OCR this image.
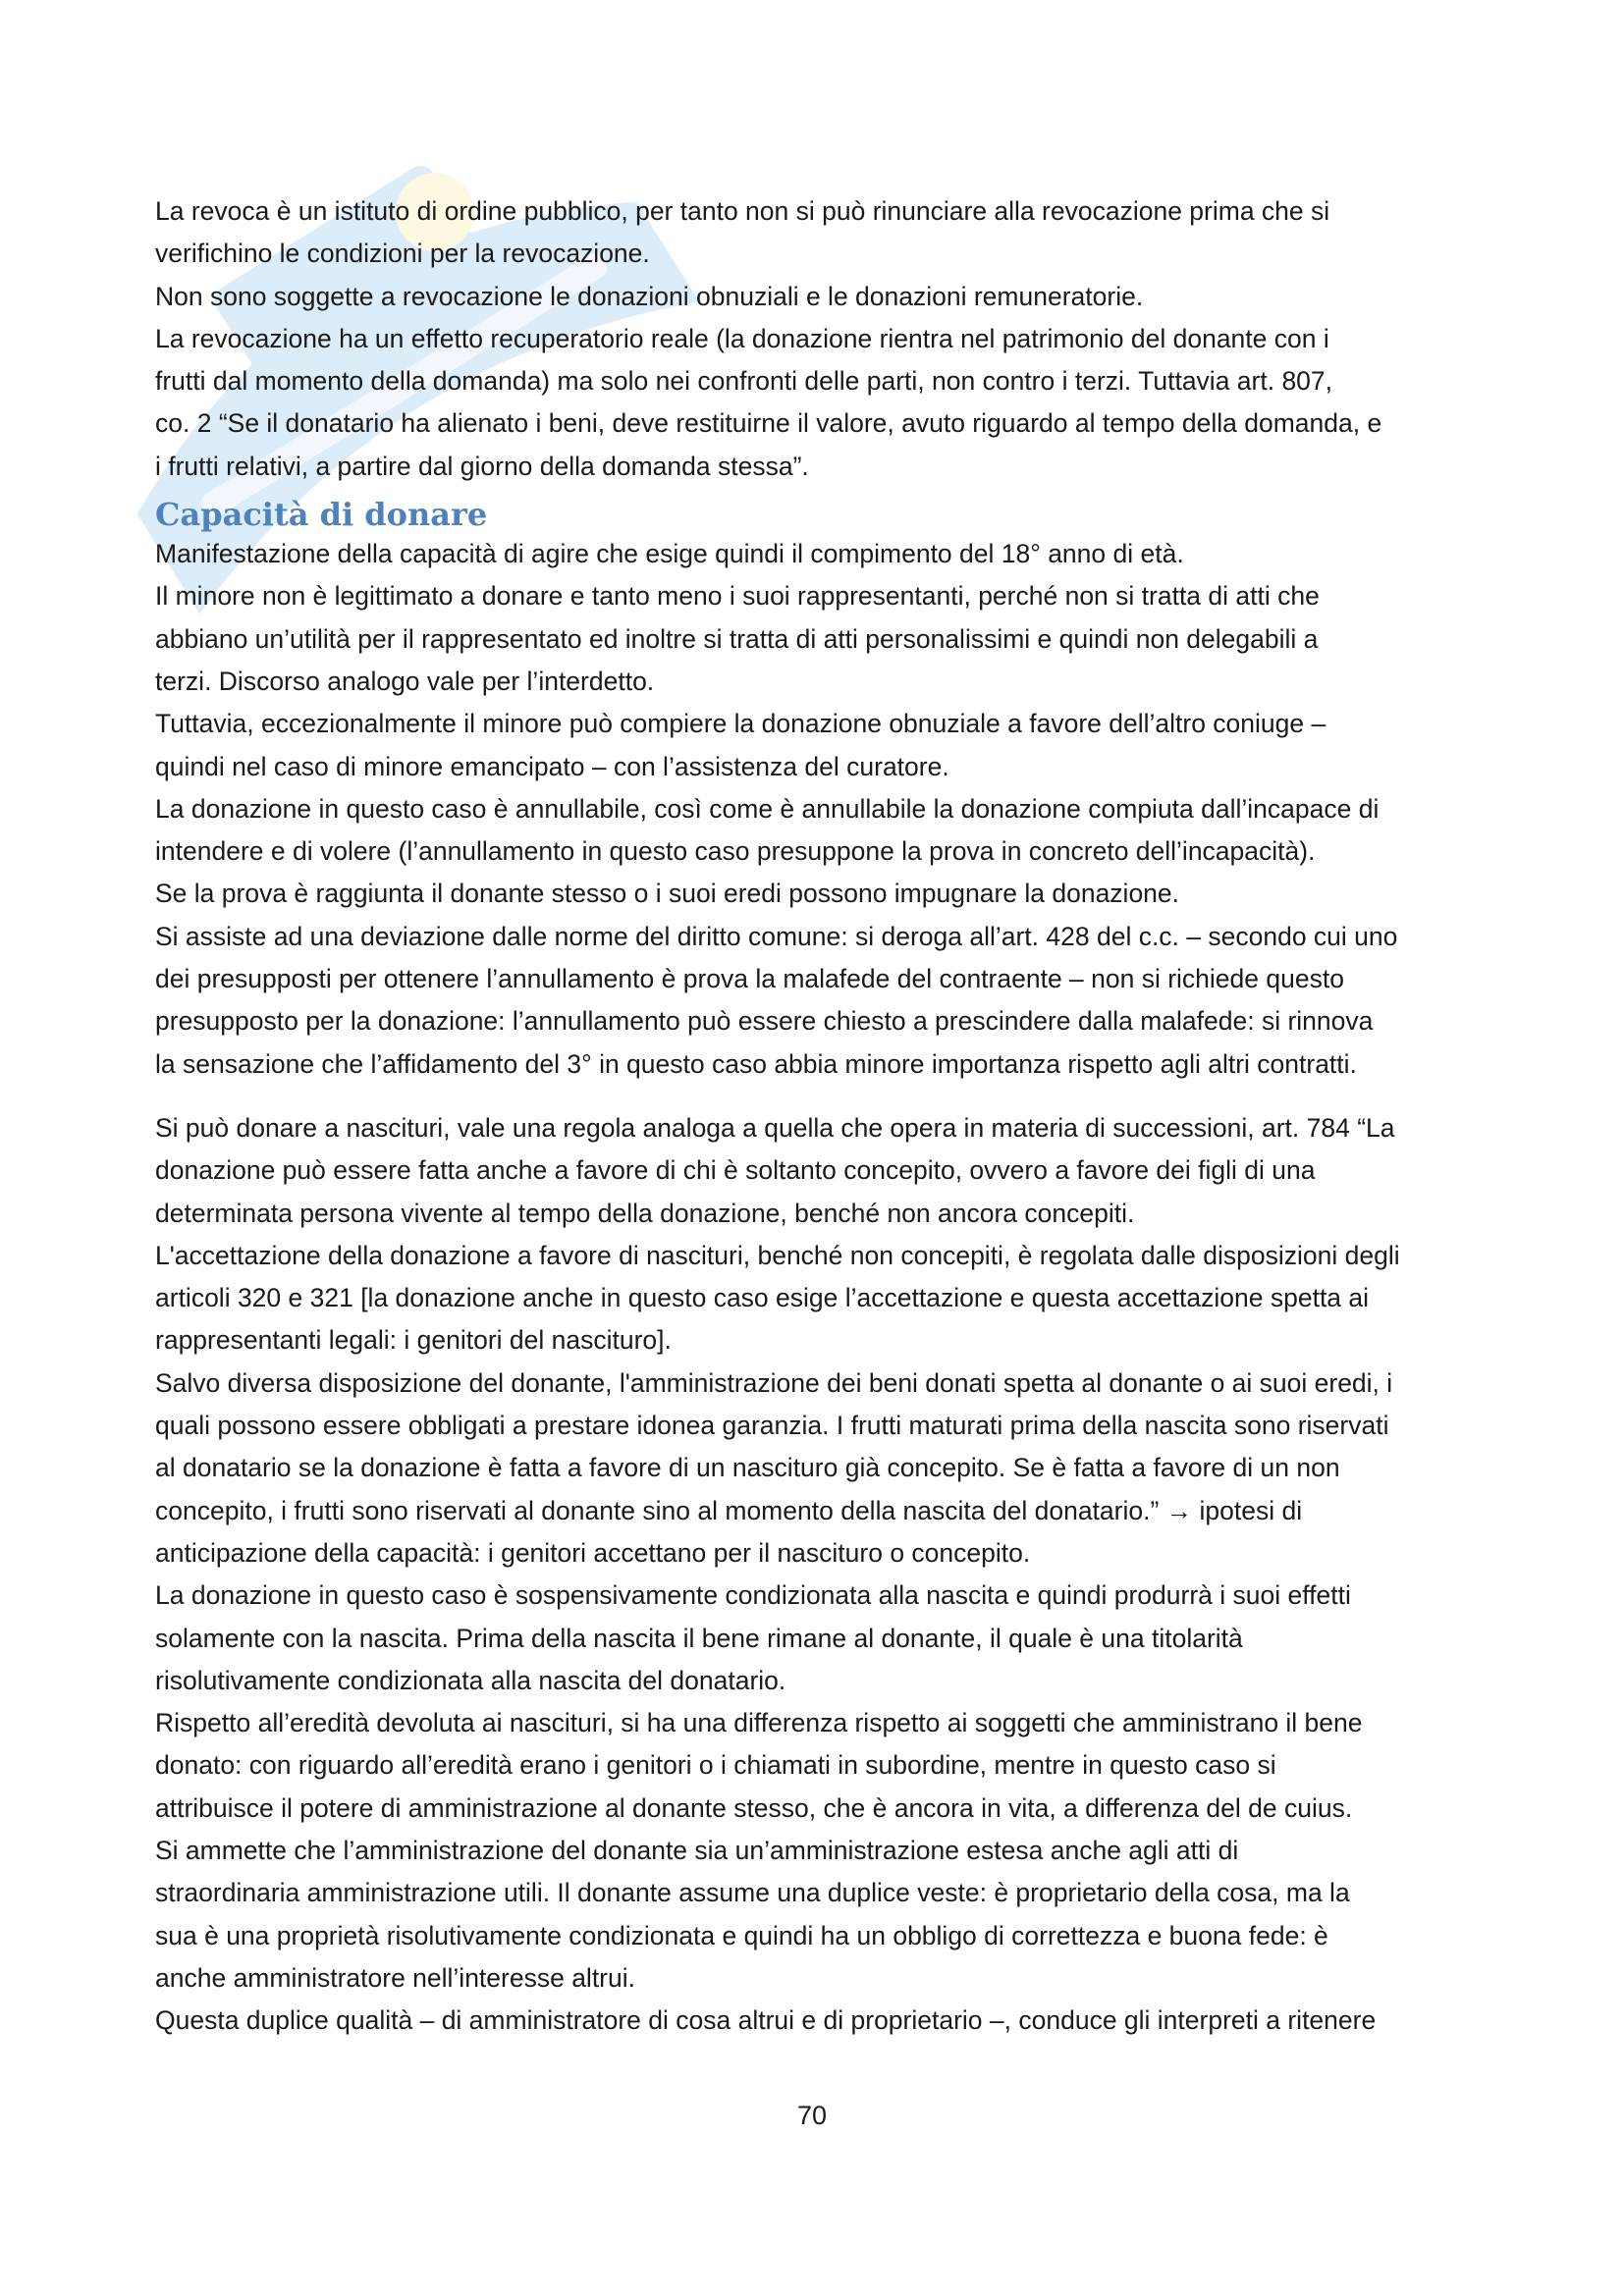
La revoca è un istituto di ordine pubblico, per tanto non si può rinunciare alla revocazione prima che si
verifichino le condizioni per la revocazione.
Non sono soggette a revocazione le donazioni obnuziali e le donazioni remuneratorie.
La revocazione ha un effetto recuperatorio reale (la donazione rientra nel patrimonio del donante con i
frutti dal momento della domanda) ma solo nei confronti delle parti, non contro i terzi. Tuttavia art. 807,
co. 2 “Se il donatario ha alienato i beni, deve restituirne il valore, avuto riguardo al tempo della domanda, e
i frutti relativi, a partire dal giorno della domanda stessa”.
Capacità di donare
Manifestazione della capacità di agire che esige quindi il compimento del 18° anno di età.
Il minore non è legittimato a donare e tanto meno i suoi rappresentanti, perché non si tratta di atti che
abbiano un’utilità per il rappresentato ed inoltre si tratta di atti personalissimi e quindi non delegabili a
terzi. Discorso analogo vale per l’interdetto.
Tuttavia, eccezionalmente il minore può compiere la donazione obnuziale a favore dell’altro coniuge –
quindi nel caso di minore emancipato – con l’assistenza del curatore.
La donazione in questo caso è annullabile, così come è annullabile la donazione compiuta dall’incapace di
intendere e di volere (l’annullamento in questo caso presuppone la prova in concreto dell’incapacità).
Se la prova è raggiunta il donante stesso o i suoi eredi possono impugnare la donazione.
Si assiste ad una deviazione dalle norme del diritto comune: si deroga all’art. 428 del c.c. – secondo cui uno
dei presupposti per ottenere l’annullamento è prova la malafede del contraente – non si richiede questo
presupposto per la donazione: l’annullamento può essere chiesto a prescindere dalla malafede: si rinnova
la sensazione che l’affidamento del 3° in questo caso abbia minore importanza rispetto agli altri contratti.
Si può donare a nascituri, vale una regola analoga a quella che opera in materia di successioni, art. 784 “La
donazione può essere fatta anche a favore di chi è soltanto concepito, ovvero a favore dei figli di una
determinata persona vivente al tempo della donazione, benché non ancora concepiti.
L'accettazione della donazione a favore di nascituri, benché non concepiti, è regolata dalle disposizioni degli
articoli 320 e 321 [la donazione anche in questo caso esige l’accettazione e questa accettazione spetta ai
rappresentanti legali: i genitori del nascituro].
Salvo diversa disposizione del donante, l'amministrazione dei beni donati spetta al donante o ai suoi eredi, i
quali possono essere obbligati a prestare idonea garanzia. I frutti maturati prima della nascita sono riservati
al donatario se la donazione è fatta a favore di un nascituro già concepito. Se è fatta a favore di un non
concepito, i frutti sono riservati al donante sino al momento della nascita del donatario.” → ipotesi di
anticipazione della capacità: i genitori accettano per il nascituro o concepito.
La donazione in questo caso è sospensivamente condizionata alla nascita e quindi produrrà i suoi effetti
solamente con la nascita. Prima della nascita il bene rimane al donante, il quale è una titolarità
risolutivamente condizionata alla nascita del donatario.
Rispetto all’eredità devoluta ai nascituri, si ha una differenza rispetto ai soggetti che amministrano il bene
donato: con riguardo all’eredità erano i genitori o i chiamati in subordine, mentre in questo caso si
attribuisce il potere di amministrazione al donante stesso, che è ancora in vita, a differenza del de cuius.
Si ammette che l’amministrazione del donante sia un’amministrazione estesa anche agli atti di
straordinaria amministrazione utili. Il donante assume una duplice veste: è proprietario della cosa, ma la
sua è una proprietà risolutivamente condizionata e quindi ha un obbligo di correttezza e buona fede: è
anche amministratore nell’interesse altrui.
Questa duplice qualità – di amministratore di cosa altrui e di proprietario –, conduce gli interpreti a ritenere
70
